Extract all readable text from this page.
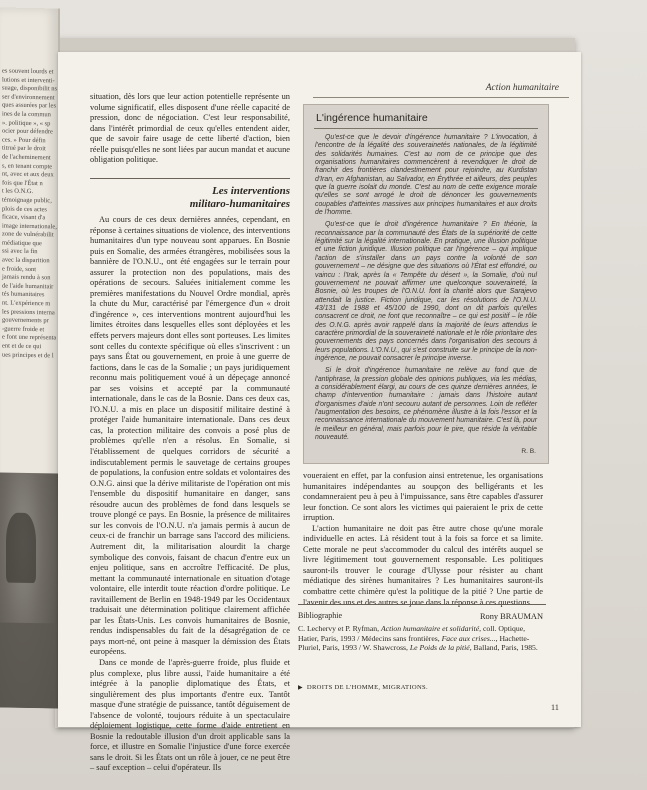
es souvent lourds et
lutions et interventi-
suage, disponibilit ns
ser d'environnement
ques assurées par les
ines de la commun
». politique », « sp
ocier pour défendre
ces. » Pour défin
titrué par le droit
de l'acheminement
s, en tenant compte
nt, avec et aux deux
fois que l'État n
t les O.N.G.
témoignage public,
plois de ces actes
ficace, visant d'a
image internationale,
zone de vulnérabilit
médiatique que
ssi avec la fin
avec la disparition
e froide, sont
jamais rendu à son
de l'aide humanitair
tés humanitaires
nt. L'expérience m
les pressions interna
gouvernements pr
-guerre froide et
e font une représenta
ent et de ce qui
ues principes et de l
Action humanitaire

situation, dès lors que leur action potentielle représente un volume significatif, elles disposent d'une réelle capacité de pression, donc de négociation. C'est leur responsabilité, dans l'intérêt primordial de ceux qu'elles entendent aider, que de savoir faire usage de cette liberté d'action, bien réelle puisqu'elles ne sont liées par aucun mandat et aucune obligation politique.

Les interventions
militaro-humanitaires

Au cours de ces deux dernières années, cependant, en réponse à certaines situations de violence, des interventions humanitaires d'un type nouveau sont apparues. En Bosnie puis en Somalie, des armées étrangères, mobilisées sous la bannière de l'O.N.U., ont été engagées sur le terrain pour assurer la protection non des populations, mais des opérations de secours. Saluées initialement comme les premières manifestations du Nouvel Ordre mondial, après la chute du Mur, caractérisé par l'émergence d'un « droit d'ingérence », ces interventions montrent aujourd'hui les limites étroites dans lesquelles elles sont déployées et les effets pervers majeurs dont elles sont porteuses. Les limites sont celles du contexte spécifique où elles s'inscrivent : un pays sans État ou gouvernement, en proie à une guerre de factions, dans le cas de la Somalie ; un pays juridiquement reconnu mais politiquement voué à un dépeçage annoncé par ses voisins et accepté par la communauté internationale, dans le cas de la Bosnie. Dans ces deux cas, l'O.N.U. a mis en place un dispositif militaire destiné à protéger l'aide humanitaire internationale. Dans ces deux cas, la protection militaire des convois a posé plus de problèmes qu'elle n'en a résolus. En Somalie, si l'établissement de quelques corridors de sécurité a indiscutablement permis le sauvetage de certains groupes de populations, la confusion entre soldats et volontaires des O.N.G. ainsi que la dérive militariste de l'opération ont mis l'ensemble du dispositif humanitaire en danger, sans résoudre aucun des problèmes de fond dans lesquels se trouve plongé ce pays. En Bosnie, la présence de militaires sur les convois de l'O.N.U. n'a jamais permis à aucun de ceux-ci de franchir un barrage sans l'accord des miliciens. Autrement dit, la militarisation alourdit la charge symbolique des convois, faisant de chacun d'entre eux un enjeu politique, sans en accroître l'efficacité. De plus, mettant la communauté internationale en situation d'otage volontaire, elle interdit toute réaction d'ordre politique. Le ravitaillement de Berlin en 1948-1949 par les Occidentaux traduisait une détermination politique clairement affichée par les États-Unis. Les convois humanitaires de Bosnie, rendus indispensables du fait de la désagrégation de ce pays mort-né, ont peine à masquer la démission des États européens.

Dans ce monde de l'après-guerre froide, plus fluide et plus complexe, plus libre aussi, l'aide humanitaire a été intégrée à la panoplie diplomatique des États, et singulièrement des plus importants d'entre eux. Tantôt masque d'une stratégie de puissance, tantôt déguisement de l'absence de volonté, toujours réduite à un spectaculaire déploiement logistique, cette forme d'aide entretient en Bosnie la redoutable illusion d'un droit applicable sans la force, et illustre en Somalie l'injustice d'une force exercée sans le droit. Si les États ont un rôle à jouer, ce ne peut être – sauf exception – celui d'opérateur. Ils

L'ingérence humanitaire

Qu'est-ce que le devoir d'ingérence humanitaire ? L'invocation, à l'encontre de la légalité des souverainetés nationales, de la légitimité des solidarités humaines. C'est au nom de ce principe que des organisations humanitaires commencèrent à revendiquer le droit de franchir des frontières clandestinement pour rejoindre, au Kurdistan d'Iran, en Afghanistan, au Salvador, en Érythrée et ailleurs, des peuples que la guerre isolait du monde. C'est au nom de cette exigence morale qu'elles se sont arrogé le droit de dénoncer les gouvernements coupables d'atteintes massives aux principes humanitaires et aux droits de l'homme.

Qu'est-ce que le droit d'ingérence humanitaire ? En théorie, la reconnaissance par la communauté des États de la supériorité de cette légitimité sur la légalité internationale. En pratique, une illusion politique et une fiction juridique. Illusion politique car l'ingérence – qui implique l'action de s'installer dans un pays contre la volonté de son gouvernement – ne désigne que des situations où l'État est effondré, ou vaincu : l'Irak, après la « Tempête du désert », la Somalie, d'où nul gouvernement ne pouvait affirmer une quelconque souveraineté, la Bosnie, où les troupes de l'O.N.U. font la charité alors que Sarajevo attendait la justice. Fiction juridique, car les résolutions de l'O.N.U. 43/131 de 1988 et 45/100 de 1990, dont on dit parfois qu'elles consacrent ce droit, ne font que reconnaître – ce qui est positif – le rôle des O.N.G. après avoir rappelé dans la majorité de leurs attendus le caractère primordial de la souveraineté nationale et le rôle prioritaire des gouvernements des pays concernés dans l'organisation des secours à leurs populations. L'O.N.U., qui s'est construite sur le principe de la non-ingérence, ne pouvait consacrer le principe inverse.

Si le droit d'ingérence humanitaire ne relève au fond que de l'antiphrase, la pression globale des opinions publiques, via les médias, a considérablement élargi, au cours de ces quinze dernières années, le champ d'intervention humanitaire : jamais dans l'histoire autant d'organismes d'aide n'ont secouru autant de personnes. Loin de refléter l'augmentation des besoins, ce phénomène illustre à la fois l'essor et la reconnaissance internationale du mouvement humanitaire. C'est là, pour le meilleur en général, mais parfois pour le pire, que réside la véritable nouveauté.

R. B.

voueraient en effet, par la confusion ainsi entretenue, les organisations humanitaires indépendantes au soupçon des belligérants et les condamneraient peu à peu à l'impuissance, sans être capables d'assurer leur fonction. Ce sont alors les victimes qui paieraient le prix de cette irruption.

L'action humanitaire ne doit pas être autre chose qu'une morale individuelle en actes. Là résident tout à la fois sa force et sa limite. Cette morale ne peut s'accommoder du calcul des intérêts auquel se livre légitimement tout gouvernement responsable. Les politiques sauront-ils trouver le courage d'Ulysse pour résister au chant médiatique des sirènes humanitaires ? Les humanitaires sauront-ils combattre cette chimère qu'est la politique de la pitié ? Une partie de l'avenir des uns et des autres se joue dans la réponse à ces questions.

Rony BRAUMAN
Bibliographie
C. Lechervy et P. Ryfman, Action humanitaire et solidarité, coll. Optique, Hatier, Paris, 1993 / Médecins sans frontières, Face aux crises..., Hachette-Pluriel, Paris, 1993 / W. Shawcross, Le Poids de la pitié, Balland, Paris, 1985.
▶ DROITS DE L'HOMME, MIGRATIONS.
11
